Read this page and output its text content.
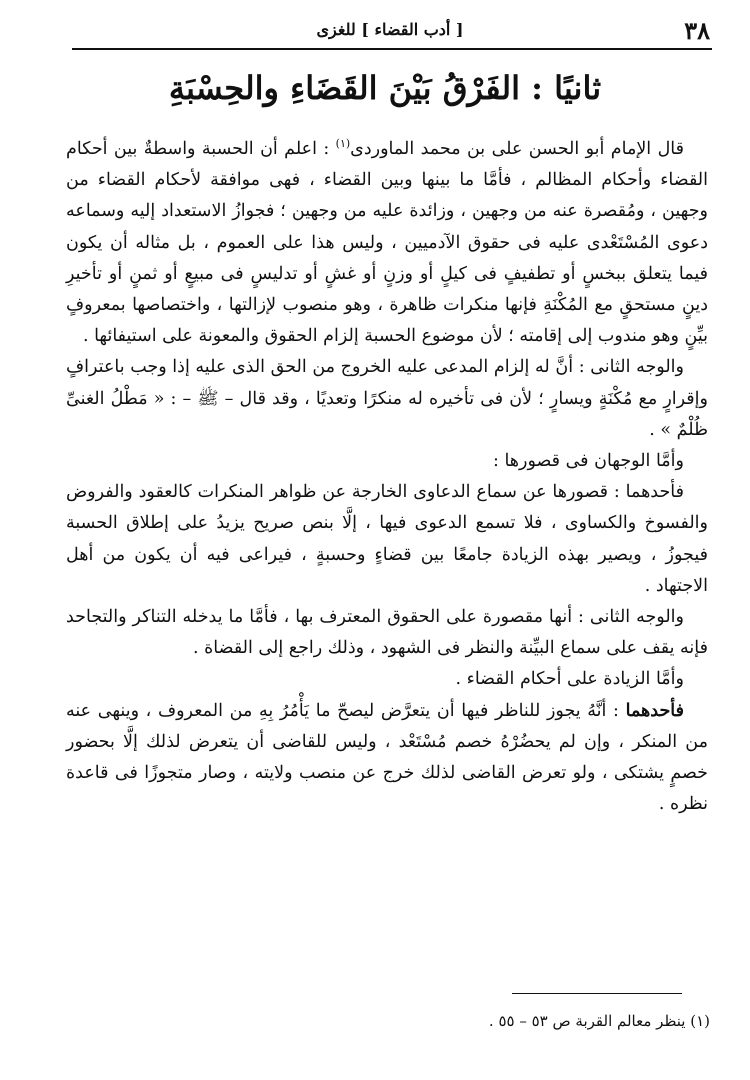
٣٨
[ أدب القضاء ] للغزى
ثانيًا : الفَرْقُ بَيْنَ القَضَاءِ والحِسْبَةِ

قال الإمام أبو الحسن على بن محمد الماوردى$^{(١)}$ : اعلم أن الحسبة واسطةٌ بين أحكام القضاء وأحكام المظالم ، فأمَّا ما بينها وبين القضاء ، فهى موافقة لأحكام القضاء من وجهين ، ومُقصرة عنه من وجهين ، وزائدة عليه من وجهين ؛ فجوازُ الاستعداد إليه وسماعه دعوى المُسْتَعْدى عليه فى حقوق الآدميين ، وليس هذا على العموم ، بل مثاله أن يكون فيما يتعلق ببخسٍ أو تطفيفٍ فى كيلٍ أو وزنٍ أو غشٍ أو تدليسٍ فى مبيعٍ أو ثمنٍ أو تأخيرِ دينٍ مستحقٍ مع المُكْنَةِ فإنها منكرات ظاهرة ، وهو منصوب لإزالتها ، واختصاصها بمعروفٍ بيِّنٍ وهو مندوب إلى إقامته ؛ لأن موضوع الحسبة إلزام الحقوق والمعونة على استيفائها .

والوجه الثانى : أنَّ له إلزام المدعى عليه الخروج من الحق الذى عليه إذا وجب باعترافٍ وإقرارٍ مع مُكْنَةٍ ويسارٍ ؛ لأن فى تأخيره له منكرًا وتعديًا ، وقد قال – ﷺ – : « مَطْلُ الغنىِّ ظُلْمٌ » .

وأمَّا الوجهان فى قصورها :

فأحدهما : قصورها عن سماع الدعاوى الخارجة عن ظواهر المنكرات كالعقود والفروض والفسوخ والكساوى ، فلا تسمع الدعوى فيها ، إلَّا بنص صريح يزيدُ على إطلاق الحسبة فيجوزُ ، ويصير بهذه الزيادة جامعًا بين قضاءٍ وحسبةٍ ، فيراعى فيه أن يكون من أهل الاجتهاد .

والوجه الثانى : أنها مقصورة على الحقوق المعترف بها ، فأمَّا ما يدخله التناكر والتجاحد فإنه يقف على سماع البيِّنة والنظر فى الشهود ، وذلك راجع إلى القضاة .

وأمَّا الزيادة على أحكام القضاء .

فأحدهما : أنَّهُ يجوز للناظر فيها أن يتعرَّض ليصحّ ما يَأْمُرُ بِهِ من المعروف ، وينهى عنه من المنكر ، وإن لم يحضُرْهُ خصم مُسْتَعْد ، وليس للقاضى أن يتعرض لذلك إلَّا بحضور خصمٍ يشتكى ، ولو تعرض القاضى لذلك خرج عن منصب ولايته ، وصار متجوزًا فى قاعدة نظره .

(١) ينظر معالم القربة ص ٥٣ – ٥٥ .
